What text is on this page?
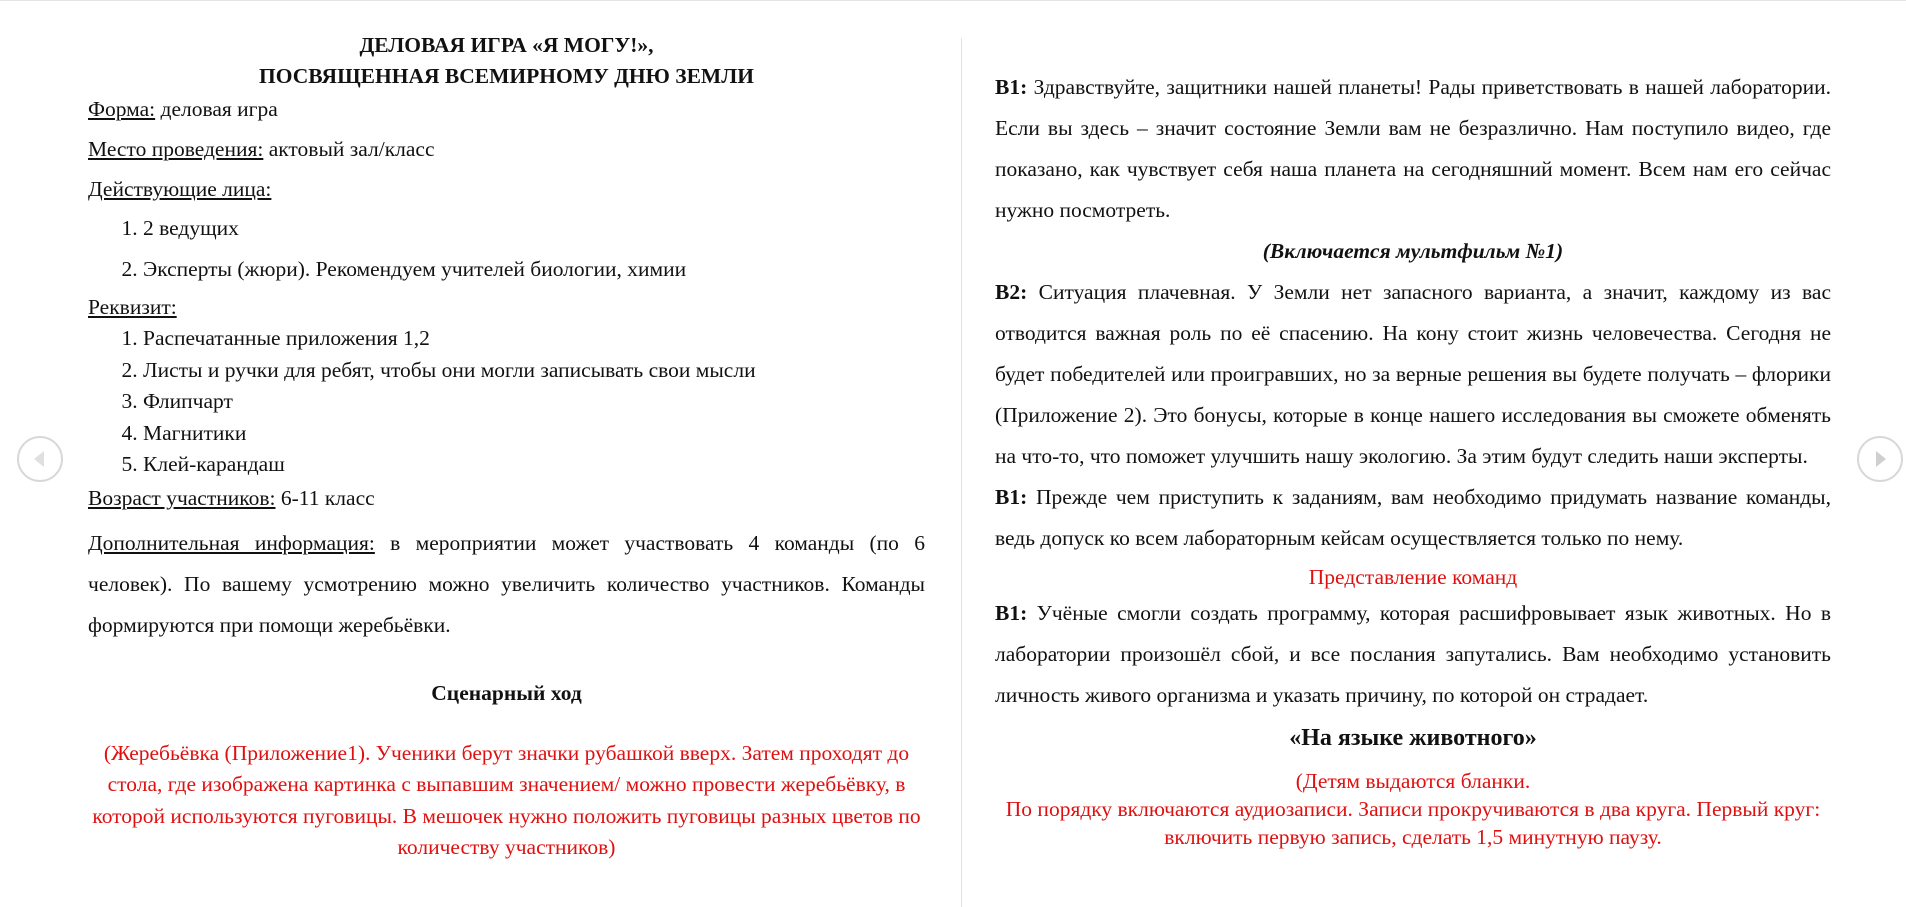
ДЕЛОВАЯ ИГРА «Я МОГУ!»,
ПОСВЯЩЕННАЯ ВСЕМИРНОМУ ДНЮ ЗЕМЛИ

Форма: деловая игра

Место проведения: актовый зал/класс

Действующие лица:

1. 2 ведущих
2. Эксперты (жюри). Рекомендуем учителей биологии, химии

Реквизит:

1. Распечатанные приложения 1,2
2. Листы и ручки для ребят, чтобы они могли записывать свои мысли
3. Флипчарт
4. Магнитики
5. Клей-карандаш

Возраст участников: 6-11 класс

Дополнительная информация: в мероприятии может участвовать 4 команды (по 6 человек). По вашему усмотрению можно увеличить количество участников. Команды формируются при помощи жеребьёвки.

Сценарный ход

(Жеребьёвка (Приложение1). Ученики берут значки рубашкой вверх. Затем проходят до стола, где изображена картинка с выпавшим значением/ можно провести жеребьёвку, в которой используются пуговицы. В мешочек нужно положить пуговицы разных цветов по количеству участников)

В1: Здравствуйте, защитники нашей планеты! Рады приветствовать в нашей лаборатории. Если вы здесь – значит состояние Земли вам не безразлично. Нам поступило видео, где показано, как чувствует себя наша планета на сегодняшний момент. Всем нам его сейчас нужно посмотреть.

(Включается мультфильм №1)

В2: Ситуация плачевная. У Земли нет запасного варианта, а значит, каждому из вас отводится важная роль по её спасению. На кону стоит жизнь человечества. Сегодня не будет победителей или проигравших, но за верные решения вы будете получать – флорики (Приложение 2). Это бонусы, которые в конце нашего исследования вы сможете обменять на что-то, что поможет улучшить нашу экологию. За этим будут следить наши эксперты.

В1: Прежде чем приступить к заданиям, вам необходимо придумать название команды, ведь допуск ко всем лабораторным кейсам осуществляется только по нему.

Представление команд

В1: Учёные смогли создать программу, которая расшифровывает язык животных. Но в лаборатории произошёл сбой, и все послания запутались. Вам необходимо установить личность живого организма и указать причину, по которой он страдает.

«На языке животного»

(Детям выдаются бланки.

По порядку включаются аудиозаписи. Записи прокручиваются в два круга. Первый круг: включить первую запись, сделать 1,5 минутную паузу.
